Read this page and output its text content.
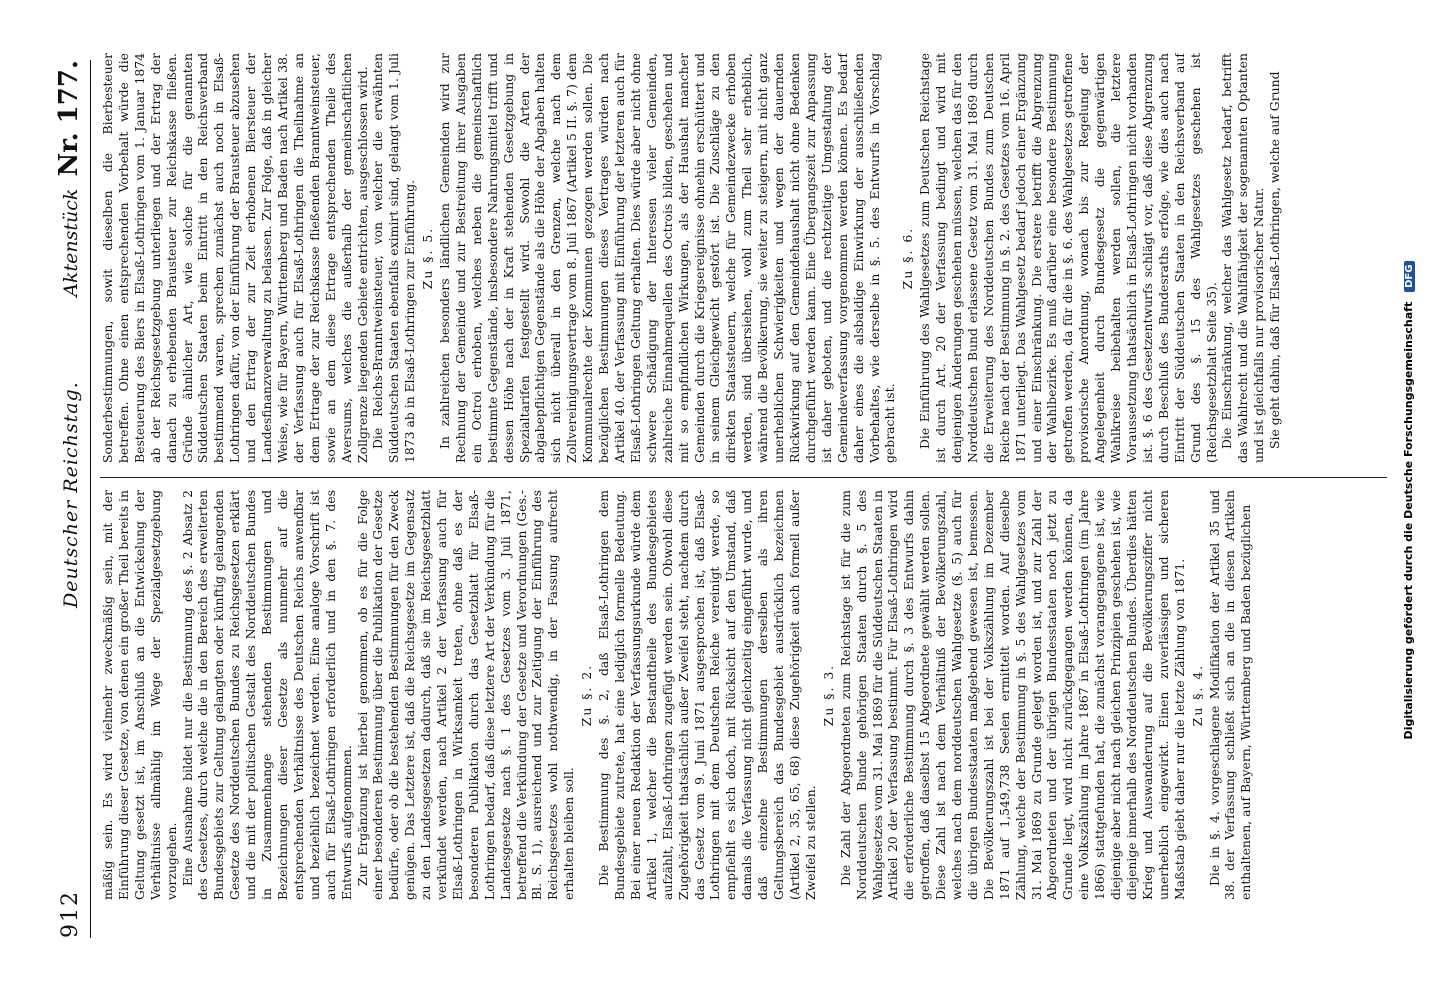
912
Deutscher Reichstag.
Aktenstück Nr. 177.

mäßig sein. Es wird vielmehr zweckmäßig sein, mit der Einführung dieser Gesetze, von denen ein großer Theil bereits in Geltung gesetzt ist, im Anschluß an die Entwickelung der Verhältnisse allmählig im Wege der Spezialgesetzgebung vorzugehen. Eine Ausnahme bildet nur die Bestimmung des §. 2 Absatz 2 des Gesetzes, durch welche die in den Bereich des erweiterten Bundesgebiets zur Geltung gelangten oder künftig gelangenden Gesetze des Norddeutschen Bundes zu Reichsgesetzen erklärt und die mit der politischen Gestalt des Norddeutschen Bundes in Zusammenhange stehenden Bestimmungen und Bezeichnungen dieser Gesetze als nunmehr auf die entsprechenden Verhältnisse des Deutschen Reichs anwendbar und beziehlich bezeichnet werden. Eine analoge Vorschrift ist auch für Elsaß-Lothringen erforderlich und in den §. 7. des Entwurfs aufgenommen. Zur Ergänzung ist hierbei genommen, ob es für die Folge einer besonderen Bestimmung über die Publikation der Gesetze bedürfe, oder ob die bestehenden Bestimmungen für den Zweck genügen. Das Letztere ist, daß die Reichsgesetze im Gegensatz zu den Landesgesetzen dadurch, daß sie im Reichsgesetzblatt verkündet werden, nach Artikel 2 der Verfassung auch für Elsaß-Lothringen in Wirksamkeit treten, ohne daß es der besonderen Publikation durch das Gesetzblatt für Elsaß-Lothringen bedarf, daß diese letztere Art der Verkündung für die Landesgesetze nach §. 1 des Gesetzes vom 3. Juli 1871, betreffend die Verkündung der Gesetze und Verordnungen (Ges.-Bl. S. 1), ausreichend und zur Zeitigung der Einführung des Reichsgesetzes wohl nothwendig, in der Fassung aufrecht erhalten bleiben soll.

Zu §. 2. Die Bestimmung des §. 2, daß Elsaß-Lothringen dem Bundesgebiete zutrete, hat eine lediglich formelle Bedeutung. Bei einer neuen Redaktion der Verfassungsurkunde würde dem Artikel 1, welcher die Bestandtheile des Bundesgebietes aufzählt, Elsaß-Lothringen zugefügt werden sein. Obwohl diese Zugehörigkeit thatsächlich außer Zweifel steht, nachdem durch das Gesetz vom 9. Juni 1871 ausgesprochen ist, daß Elsaß-Lothringen mit dem Deutschen Reiche vereinigt werde, so empfiehlt es sich doch, mit Rücksicht auf den Umstand, daß damals die Verfassung nicht gleichzeitig eingeführt wurde, und daß einzelne Bestimmungen derselben als ihren Geltungsbereich das Bundesgebiet ausdrücklich bezeichnen (Artikel 2, 35, 65, 68) diese Zugehörigkeit auch formell außer Zweifel zu stellen.

Zu §. 3. Die Zahl der Abgeordneten zum Reichstage ist für die zum Norddeutschen Bunde gehörigen Staaten durch §. 5 des Wahlgesetzes vom 31. Mai 1869 für die Süddeutschen Staaten in Artikel 20 der Verfassung bestimmt. Für Elsaß-Lothringen wird die erforderliche Bestimmung durch §. 3 des Entwurfs dahin getroffen, daß daselbst 15 Abgeordnete gewählt werden sollen. Diese Zahl ist nach dem Verhältniß der Bevölkerungszahl, welches nach dem norddeutschen Wahlgesetze (§. 5) auch für die übrigen Bundesstaaten maßgebend gewesen ist, bemessen. Die Bevölkerungszahl ist bei der Volkszählung im Dezember 1871 auf 1,549,738 Seelen ermittelt worden. Auf dieselbe Zählung, welche der Bestimmung in §. 5 des Wahlgesetzes vom 31. Mai 1869 zu Grunde gelegt worden ist, und zur Zahl der Abgeordneten und der übrigen Bundesstaaten noch jetzt zu Grunde liegt, wird nicht zurückgegangen werden können, da eine Volkszählung im Jahre 1867 in Elsaß-Lothringen (im Jahre 1866) stattgefunden hat, die zunächst vorangegangene ist, wie diejenige aber nicht nach gleichen Prinzipien geschehen ist, wie diejenige innerhalb des Norddeutschen Bundes. Überdies hätten Krieg und Auswanderung auf die Bevölkerungsziffer nicht unerheblich eingewirkt. Einen zuverlässigen und sicheren Maßstab giebt daher nur die letzte Zählung von 1871. Zu §. 4. Die in §. 4. vorgeschlagene Modifikation der Artikel 35 und 38. der Verfassung schließt sich an die in diesen Artikeln enthaltenen, auf Bayern, Württemberg und Baden bezüglichen

Sonderbestimmungen, sowit dieselben die Bierbesteuer betreffen. Ohne einen entsprechenden Vorbehalt würde die Besteuerung des Biers in Elsaß-Lothringen vom 1. Januar 1874 ab der Reichsgesetzgebung unterliegen und der Ertrag der danach zu erhebenden Brausteuer zur Reichskasse fließen. Gründe ähnlicher Art, wie solche für die genannten Süddeutschen Staaten beim Eintritt in den Reichsverband bestimmend waren, sprechen zunächst auch noch in Elsaß-Lothringen dafür, von der Einführung der Brausteuer abzusehen und den Ertrag der zur Zeit erhobenen Biersteuer der Landesfinanzverwaltung zu belassen. Zur Folge, daß in gleicher Weise, wie für Bayern, Württemberg und Baden nach Artikel 38. der Verfassung auch für Elsaß-Lothringen die Theilnahme an dem Ertrage der zur Reichskasse fließenden Branntweinsteuer, sowie an dem diese Ertrage entsprechenden Theile des Aversums, welches die außerhalb der gemeinschaftlichen Zollgrenze liegenden Gebiete entrichten, ausgeschlossen wird. Die Reichs-Branntweinsteuer, von welcher die erwähnten Süddeutschen Staaten ebenfalls eximirt sind, gelangt vom 1. Juli 1873 ab in Elsaß-Lothringen zur Einführung. Zu §. 5. In zahlreichen besonders ländlichen Gemeinden wird zur Rechnung der Gemeinde und zur Bestreitung ihrer Ausgaben ein Octroi erhoben, welches neben die gemeinschaftlich bestimmte Gegenstände, insbesondere Nahrungsmittel trifft und dessen Höhe nach der in Kraft stehenden Gesetzgebung in Spezialtarifen festgestellt wird. Sowohl die Arten der abgabepflichtigen Gegenstände als die Höhe der Abgaben halten sich nicht überall in den Grenzen, welche nach dem Zollvereinigungsvertrage vom 8. Juli 1867 (Artikel 5 II. §. 7) dem Kommunalrechte der Kommunen gezogen werden sollen. Die bezüglichen Bestimmungen dieses Vertrages würden nach Artikel 40. der Verfassung mit Einführung der letzteren auch für Elsaß-Lothringen Geltung erhalten. Dies würde aber nicht ohne schwere Schädigung der Interessen vieler Gemeinden, zahlreiche Einnahmequellen des Octrois bilden, geschehen und mit so empfindlichen Wirkungen, als der Haushalt mancher Gemeinden durch die Kriegsereignisse ohnehin erschüttert und in seinem Gleichgewicht gestört ist. Die Zuschläge zu den direkten Staatssteuern, welche für Gemeindezwecke erhoben werden, sind übersiehen, wohl zum Theil sehr erheblich, während die Bevölkerung, sie weiter zu steigern, mit nicht ganz unerheblichen Schwierigkeiten und wegen der dauernden Rückwirkung auf den Gemeindehaushalt nicht ohne Bedenken durchgeführt werden kann. Eine Übergangszeit zur Anpassung ist daher geboten, und die rechtzeitige Umgestaltung der Gemeindeverfassung vorgenommen werden können. Es bedarf daher eines die alsbaldige Einwirkung der ausschließenden Vorbehaltes, wie derselbe in §. 5. des Entwurfs in Vorschlag gebracht ist.

Zu §. 6. Die Einführung des Wahlgesetzes zum Deutschen Reichstage ist durch Art. 20 der Verfassung bedingt und wird mit denjenigen Änderungen geschehen müssen, welchen das für den Norddeutschen Bund erlassene Gesetz vom 31. Mai 1869 durch die Erweiterung des Norddeutschen Bundes zum Deutschen Reiche nach der Bestimmung in §. 2. des Gesetzes vom 16. April 1871 unterliegt. Das Wahlgesetz bedarf jedoch einer Ergänzung und einer Einschränkung. Die erstere betrifft die Abgrenzung der Wahlbezirke. Es muß darüber eine besondere Bestimmung getroffen werden, da für die in §. 6. des Wahlgesetzes getroffene provisorische Anordnung, wonach bis zur Regelung der Angelegenheit durch Bundesgesetz die gegenwärtigen Wahlkreise beibehalten werden sollen, die letztere Voraussetzung thatsächlich in Elsaß-Lothringen nicht vorhanden ist. §. 6 des Gesetzentwurfs schlägt vor, daß diese Abgrenzung durch Beschluß des Bundesraths erfolge, wie dies auch nach Eintritt der Süddeutschen Staaten in den Reichsverband auf Grund des §. 15 des Wahlgesetzes geschehen ist (Reichsgesetzblatt Seite 35). Die Einschränkung, welcher das Wahlgesetz bedarf, betrifft das Wahlrecht und die Wahlfähigkeit der sogenannten Optanten und ist gleichfalls nur provisorischer Natur. Sie geht dahin, daß für Elsaß-Lothringen, welche auf Grund

Digitalisierung gefördert durch die Deutsche Forschungsgemeinschaft DFG
